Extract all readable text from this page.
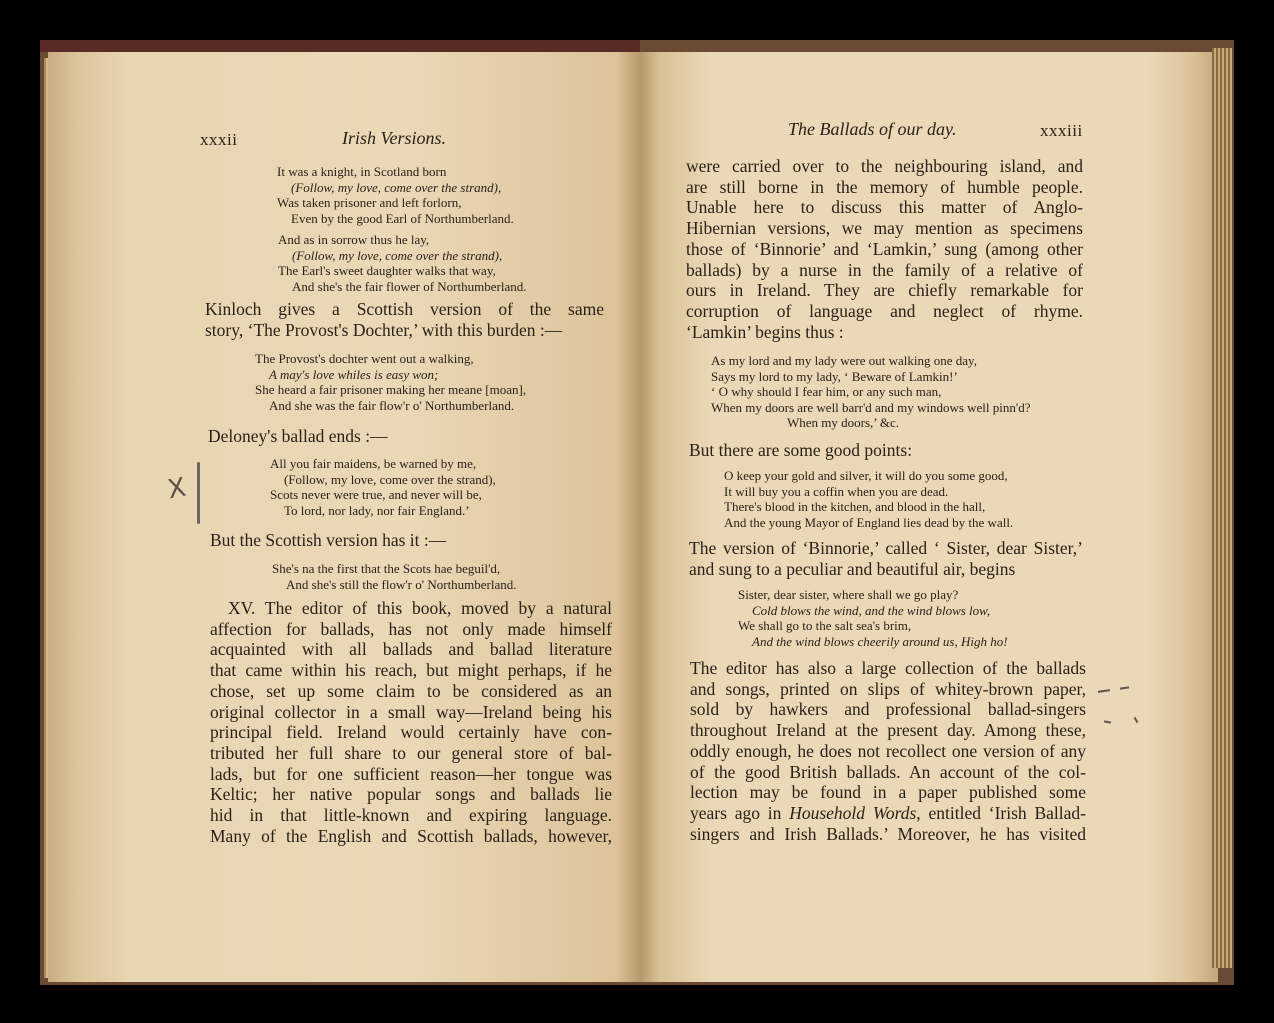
xxxii	Irish Versions.
It was a knight, in Scotland born
(Follow, my love, come over the strand),
Was taken prisoner and left forlorn,
Even by the good Earl of Northumberland.
And as in sorrow thus he lay,
(Follow, my love, come over the strand),
The Earl's sweet daughter walks that way,
And she's the fair flower of Northumberland.
Kinloch gives a Scottish version of the same
story, ‘The Provost's Dochter,’ with this burden :—
The Provost's dochter went out a walking,
A may's love whiles is easy won;
She heard a fair prisoner making her meane [moan],
And she was the fair flow'r o' Northumberland.
Deloney's ballad ends :—
X
All you fair maidens, be warned by me,
(Follow, my love, come over the strand),
Scots never were true, and never will be,
To lord, nor lady, nor fair England.’
But the Scottish version has it :—
She's na the first that the Scots hae beguil'd,
And she's still the flow'r o' Northumberland.
XV. The editor of this book, moved by a natural
affection for ballads, has not only made himself
acquainted with all ballads and ballad literature
that came within his reach, but might perhaps, if he
chose, set up some claim to be considered as an
original collector in a small way—Ireland being his
principal field. Ireland would certainly have con-
tributed her full share to our general store of bal-
lads, but for one sufficient reason—her tongue was
Keltic; her native popular songs and ballads lie
hid in that little-known and expiring language.
Many of the English and Scottish ballads, however,
The Ballads of our day.	xxxiii
were carried over to the neighbouring island, and
are still borne in the memory of humble people.
Unable here to discuss this matter of Anglo-
Hibernian versions, we may mention as specimens
those of ‘Binnorie’ and ‘Lamkin,’ sung (among other
ballads) by a nurse in the family of a relative of
ours in Ireland. They are chiefly remarkable for
corruption of language and neglect of rhyme.
‘Lamkin’ begins thus :
As my lord and my lady were out walking one day,
Says my lord to my lady, ‘ Beware of Lamkin!’
‘ O why should I fear him, or any such man,
When my doors are well barr'd and my windows well pinn'd?
When my doors,’ &c.
But there are some good points:
O keep your gold and silver, it will do you some good,
It will buy you a coffin when you are dead.
There's blood in the kitchen, and blood in the hall,
And the young Mayor of England lies dead by the wall.
The version of ‘Binnorie,’ called ‘ Sister, dear Sister,’
and sung to a peculiar and beautiful air, begins
Sister, dear sister, where shall we go play?
Cold blows the wind, and the wind blows low,
We shall go to the salt sea's brim,
And the wind blows cheerily around us, High ho!
The editor has also a large collection of the ballads
and songs, printed on slips of whitey-brown paper,
sold by hawkers and professional ballad-singers
throughout Ireland at the present day. Among these,
oddly enough, he does not recollect one version of any
of the good British ballads. An account of the col-
lection may be found in a paper published some
years ago in Household Words, entitled ‘Irish Ballad-
singers and Irish Ballads.’ Moreover, he has visited
